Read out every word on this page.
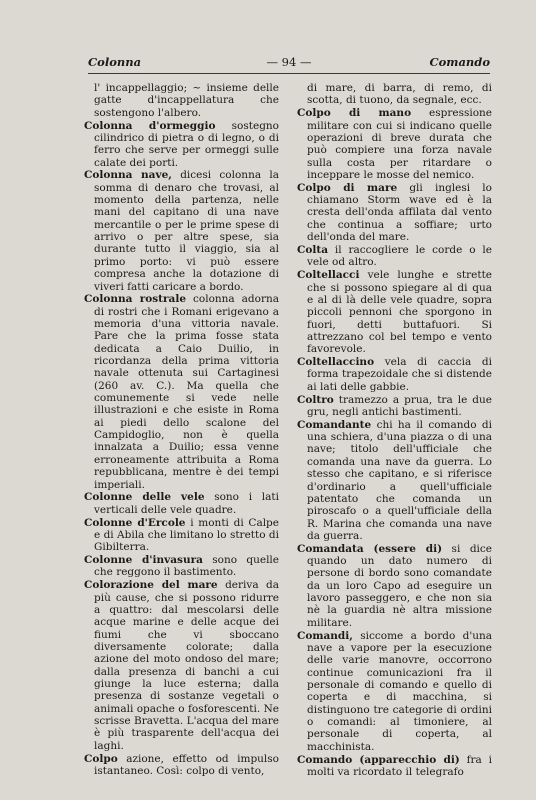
Colonna	— 94 —	Comando

l' incappellaggio; ~ insieme delle gatte d'incappellatura che sostengono l'albero.

Colonna d'ormeggio sostegno cilindrico di pietra o di legno, o di ferro che serve per ormeggi sulle calate dei porti.

Colonna nave, dicesi colonna la somma di denaro che trovasi, al momento della partenza, nelle mani del capitano di una nave mercantile o per le prime spese di arrivo o per altre spese, sia durante tutto il viaggio, sia al primo porto: vi può essere compresa anche la dotazione di viveri fatti caricare a bordo.

Colonna rostrale colonna adorna di rostri che i Romani erigevano a memoria d'una vittoria navale. Pare che la prima fosse stata dedicata a Caio Duilio, in ricordanza della prima vittoria navale ottenuta sui Cartaginesi (260 av. C.). Ma quella che comunemente si vede nelle illustrazioni e che esiste in Roma ai piedi dello scalone del Campidoglio, non è quella innalzata a Duilio; essa venne erroneamente attribuita a Roma repubblicana, mentre è dei tempi imperiali.

Colonne delle vele sono i lati verticali delle vele quadre.

Colonne d'Ercole i monti di Calpe e di Abila che limitano lo stretto di Gibilterra.

Colonne d'invasura sono quelle che reggono il bastimento.

Colorazione del mare deriva da più cause, che si possono ridurre a quattro: dal mescolarsi delle acque marine e delle acque dei fiumi che vi sboccano diversamente colorate; dalla azione del moto ondoso del mare; dalla presenza di banchi a cui giunge la luce esterna; dalla presenza di sostanze vegetali o animali opache o fosforescenti. Ne scrisse Bravetta. L'acqua del mare è più trasparente dell'acqua dei laghi.

Colpo azione, effetto od impulso istantaneo. Così: colpo di vento,

di mare, di barra, di remo, di scotta, di tuono, da segnale, ecc.

Colpo di mano espressione militare con cui si indicano quelle operazioni di breve durata che può compiere una forza navale sulla costa per ritardare o inceppare le mosse del nemico.

Colpo di mare gli inglesi lo chiamano Storm wave ed è la cresta dell'onda affilata dal vento che continua a soffiare; urto dell'onda del mare.

Colta il raccogliere le corde o le vele od altro.

Coltellacci vele lunghe e strette che si possono spiegare al di qua e al di là delle vele quadre, sopra piccoli pennoni che sporgono in fuori, detti buttafuori. Si attrezzano col bel tempo e vento favorevole.

Coltellaccino vela di caccia di forma trapezoidale che si distende ai lati delle gabbie.

Coltro tramezzo a prua, tra le due gru, negli antichi bastimenti.

Comandante chi ha il comando di una schiera, d'una piazza o di una nave; titolo dell'ufficiale che comanda una nave da guerra. Lo stesso che capitano, e si riferisce d'ordinario a quell'ufficiale patentato che comanda un piroscafo o a quell'ufficiale della R. Marina che comanda una nave da guerra.

Comandata (essere di) si dice quando un dato numero di persone di bordo sono comandate da un loro Capo ad eseguire un lavoro passeggero, e che non sia nè la guardia nè altra missione militare.

Comandi, siccome a bordo d'una nave a vapore per la esecuzione delle varie manovre, occorrono continue comunicazioni fra il personale di comando e quello di coperta e di macchina, si distinguono tre categorie di ordini o comandi: al timoniere, al personale di coperta, al macchinista.

Comando (apparecchio di) fra i molti va ricordato il telegrafo
